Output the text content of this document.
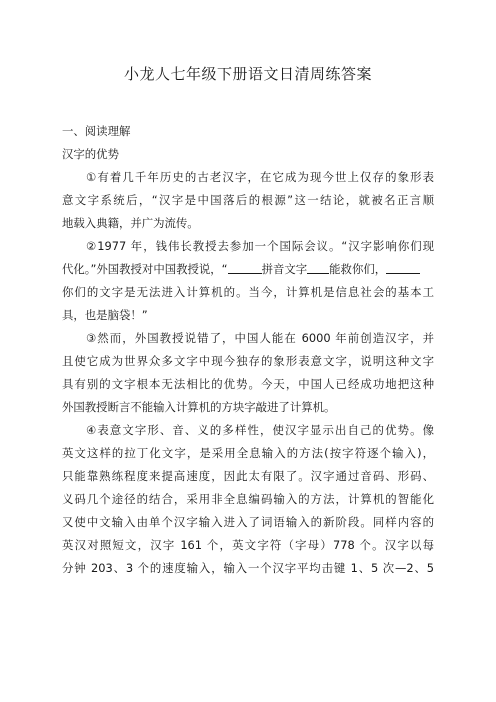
小龙人七年级下册语文日清周练答案
一、阅读理解
汉字的优势
①有着几千年历史的古老汉字，在它成为现今世上仅存的象形表
意文字系统后，“汉字是中国落后的根源”这一结论，就被名正言顺
地载入典籍，并广为流传。
②1977 年，钱伟长教授去参加一个国际会议。“汉字影响你们现
代化。”外国教授对中国教授说，“	拼音文字 能救你们，
你们的文字是无法进入计算机的。当今，计算机是信息社会的基本工
具，也是脑袋！”
③然而，外国教授说错了，中国人能在 6000 年前创造汉字，并
且使它成为世界众多文字中现今独存的象形表意文字，说明这种文字
具有别的文字根本无法相比的优势。今天，中国人已经成功地把这种
外国教授断言不能输入计算机的方块字敲进了计算机。
④表意文字形、音、义的多样性，使汉字显示出自己的优势。像
英文这样的拉丁化文字，是采用全息输入的方法(按字符逐个输入)，
只能靠熟练程度来提高速度，因此太有限了。汉字通过音码、形码、
义码几个途径的结合，采用非全息编码输入的方法，计算机的智能化
又使中文输入由单个汉字输入进入了词语输入的新阶段。同样内容的
英汉对照短文，汉字 161 个，英文字符（字母）778 个。汉字以每
分钟 203、3 个的速度输入，输入一个汉字平均击键 1、5 次—2、5
